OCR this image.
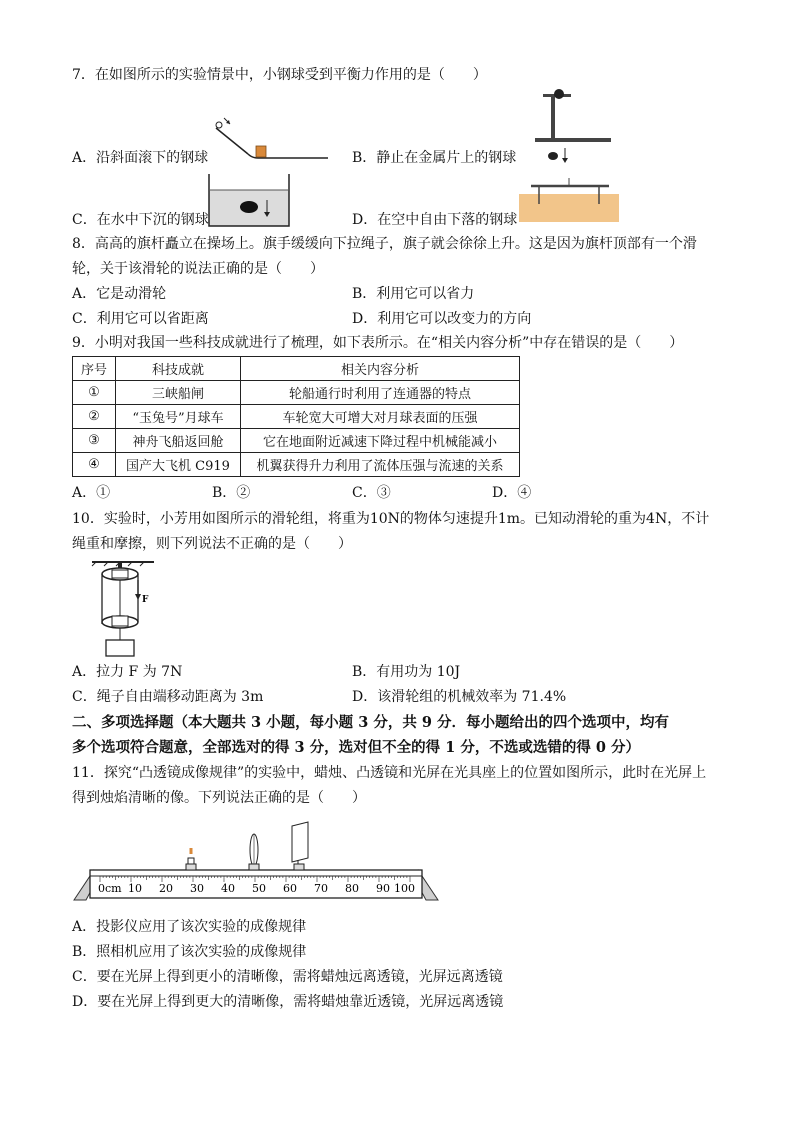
7．在如图所示的实验情景中，小钢球受到平衡力作用的是（　　）
A．沿斜面滚下的钢球	B．静止在金属片上的钢球
C．在水中下沉的钢球	D．在空中自由下落的钢球
8．高高的旗杆矗立在操场上。旗手缓缓向下拉绳子，旗子就会徐徐上升。这是因为旗杆顶部有一个滑
轮，关于该滑轮的说法正确的是（　　）
A．它是动滑轮	B．利用它可以省力
C．利用它可以省距离	D．利用它可以改变力的方向
9．小明对我国一些科技成就进行了梳理，如下表所示。在“相关内容分析”中存在错误的是（　　）
序号	科技成就	相关内容分析
①	三峡船闸	轮船通行时利用了连通器的特点
②	“玉兔号”月球车	车轮宽大可增大对月球表面的压强
③	神舟飞船返回舱	它在地面附近减速下降过程中机械能减小
④	国产大飞机 C919	机翼获得升力利用了流体压强与流速的关系
A．①	B．②	C．③	D．④
10．实验时，小芳用如图所示的滑轮组，将重为10N的物体匀速提升1m。已知动滑轮的重为4N，不计
绳重和摩擦，则下列说法不正确的是（　　）
F
A．拉力 F 为 7N	B．有用功为 10J
C．绳子自由端移动距离为 3m	D．该滑轮组的机械效率为 71.4%
二、多项选择题（本大题共 3 小题，每小题 3 分，共 9 分．每小题给出的四个选项中，均有
多个选项符合题意，全部选对的得 3 分，选对但不全的得 1 分，不选或选错的得 0 分）
11．探究“凸透镜成像规律”的实验中，蜡烛、凸透镜和光屏在光具座上的位置如图所示，此时在光屏上
得到烛焰清晰的像。下列说法正确的是（　　）
0cm 10 20 30 40 50 60 70 80 90 100
A．投影仪应用了该次实验的成像规律
B．照相机应用了该次实验的成像规律
C．要在光屏上得到更小的清晰像，需将蜡烛远离透镜，光屏远离透镜
D．要在光屏上得到更大的清晰像，需将蜡烛靠近透镜，光屏远离透镜
